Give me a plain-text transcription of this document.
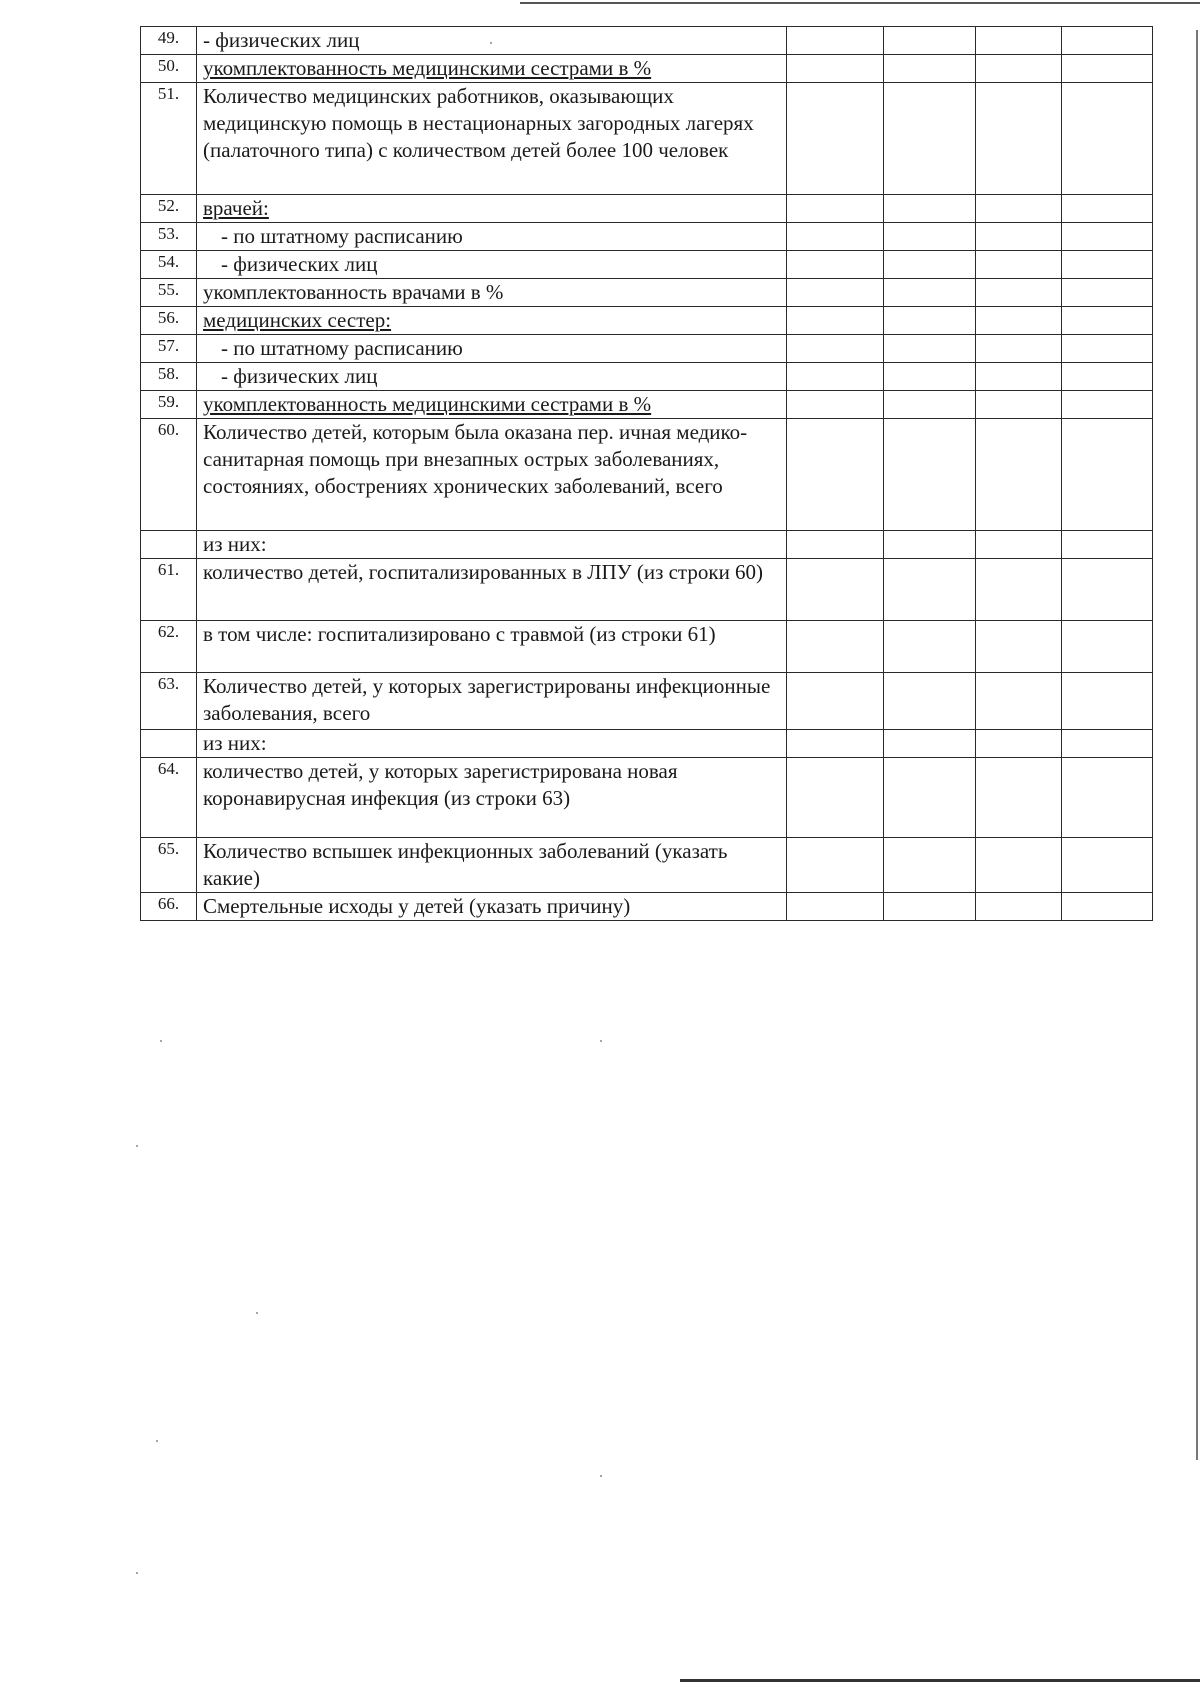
49.	- физических лиц				
50.	укомплектованность медицинскими сестрами в %				
51.	Количество медицинских работников, оказывающих медицинскую помощь в нестационарных загородных лагерях (палаточного типа) с количеством детей более 100 человек				
52.	врачей:				
53.	- по штатному расписанию				
54.	- физических лиц				
55.	укомплектованность врачами в %				
56.	медицинских сестер:				
57.	- по штатному расписанию				
58.	- физических лиц				
59.	укомплектованность медицинскими сестрами в %				
60.	Количество детей, которым была оказана пер. ичная медико-санитарная помощь при внезапных острых заболеваниях, состояниях, обострениях хронических заболеваний, всего				
	из них:				
61.	количество детей, госпитализированных в ЛПУ (из строки 60)				
62.	в том числе: госпитализировано с травмой (из строки 61)				
63.	Количество детей, у которых зарегистрированы инфекционные заболевания, всего				
	из них:				
64.	количество детей, у которых зарегистрирована новая коронавирусная инфекция (из строки 63)				
65.	Количество вспышек инфекционных заболеваний (указать какие)				
66.	Смертельные исходы у детей (указать причину)				
